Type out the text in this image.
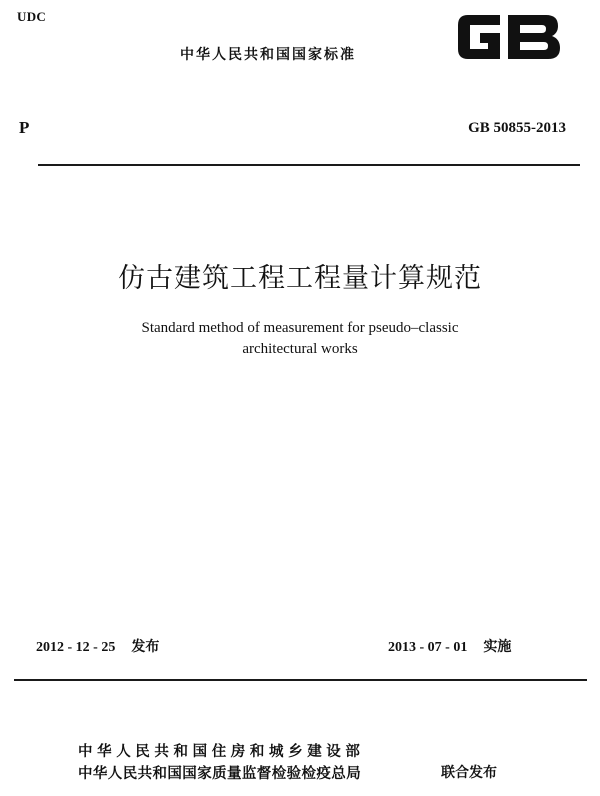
UDC
中华人民共和国国家标准
P	GB 50855-2013
仿古建筑工程工程量计算规范
Standard method of measurement for pseudo–classic
architectural works
2012 - 12 - 25 发布	2013 - 07 - 01 实施
中华人民共和国住房和城乡建设部
中华人民共和国国家质量监督检验检疫总局	联合发布
